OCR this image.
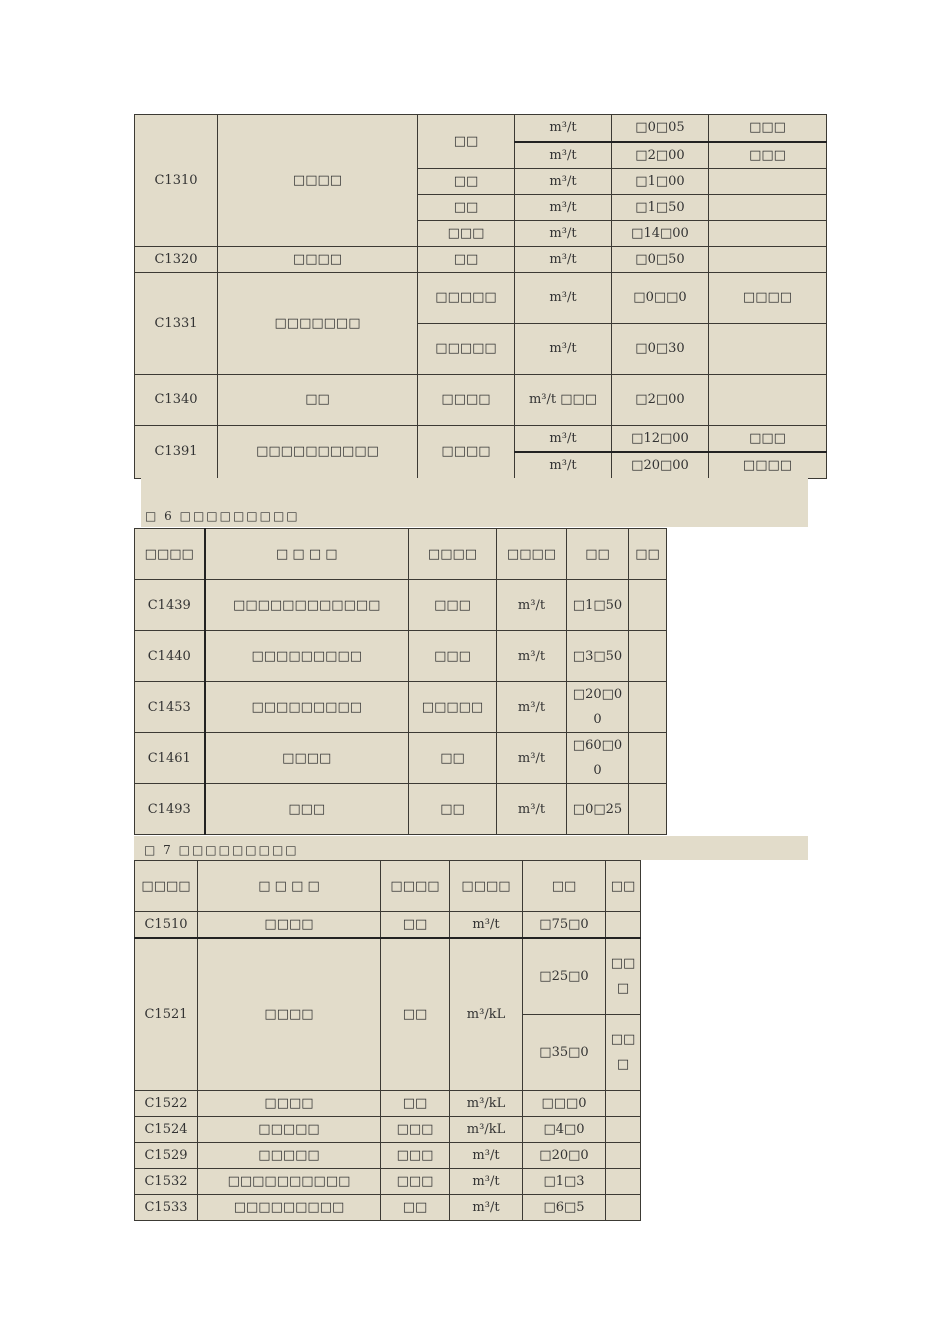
C1310	□□□□	□□	m³/t	□0□05	□□□
			m³/t	□2□00	□□□
		□□	m³/t	□1□00	
		□□	m³/t	□1□50	
		□□□	m³/t	□14□00	
C1320	□□□□	□□	m³/t	□0□50	
C1331	□□□□□□□	□□□□□	m³/t	□0□□0	□□□□
		□□□□□	m³/t	□0□30	
C1340	□□	□□□□	m³/t □□□	□2□00	
C1391	□□□□□□□□□□	□□□□	m³/t	□12□00	□□□
			m³/t	□20□00	□□□□
□ 6 □□□□□□□□□
□□□□	□ □ □ □	□□□□	□□□□	□□	□□
C1439	□□□□□□□□□□□□	□□□	m³/t	□1□50	
C1440	□□□□□□□□□	□□□	m³/t	□3□50	
C1453	□□□□□□□□□	□□□□□	m³/t	□20□00	
C1461	□□□□	□□	m³/t	□60□00	
C1493	□□□	□□	m³/t	□0□25	
□ 7 □□□□□□□□□
□□□□	□ □ □ □	□□□□	□□□□	□□	□□
C1510	□□□□	□□	m³/t	□75□0	
C1521	□□□□	□□	m³/kL	□25□0	□□□
				□35□0	□□□
C1522	□□□□	□□	m³/kL	□□□0	
C1524	□□□□□	□□□	m³/kL	□4□0	
C1529	□□□□□	□□□	m³/t	□20□0	
C1532	□□□□□□□□□□	□□□	m³/t	□1□3	
C1533	□□□□□□□□□	□□	m³/t	□6□5	
